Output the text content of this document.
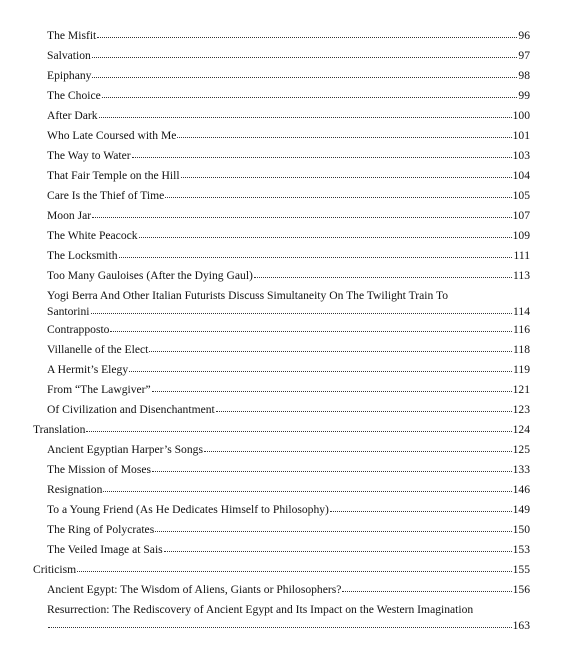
The Misfit	96
Salvation	97
Epiphany	98
The Choice	99
After Dark	100
Who Late Coursed with Me	101
The Way to Water	103
That Fair Temple on the Hill	104
Care Is the Thief of Time	105
Moon Jar	107
The White Peacock	109
The Locksmith	111
Too Many Gauloises (After the Dying Gaul)	113
Yogi Berra And Other Italian Futurists Discuss Simultaneity On The Twilight Train To
Santorini	114
Contrapposto	116
Villanelle of the Elect	118
A Hermit’s Elegy	119
From “The Lawgiver”	121
Of Civilization and Disenchantment	123
Translation	124
Ancient Egyptian Harper’s Songs	125
The Mission of Moses	133
Resignation	146
To a Young Friend (As He Dedicates Himself to Philosophy)	149
The Ring of Polycrates	150
The Veiled Image at Sais	153
Criticism	155
Ancient Egypt: The Wisdom of Aliens, Giants or Philosophers?	156
Resurrection: The Rediscovery of Ancient Egypt and Its Impact on the Western Imagination
163
